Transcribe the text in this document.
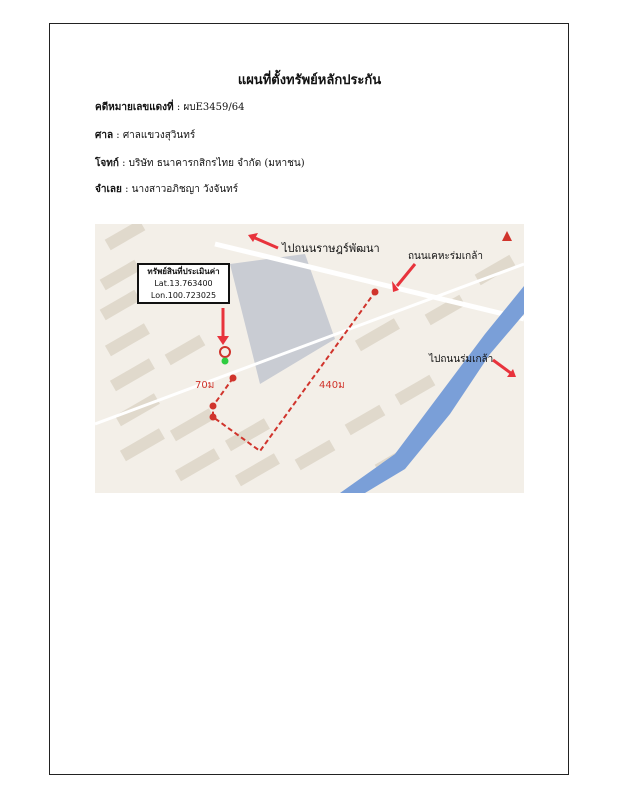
แผนที่ตั้งทรัพย์หลักประกัน
คดีหมายเลขแดงที่ : ผบE3459/64
ศาล : ศาลแขวงสุวินทร์
โจทก์ : บริษัท ธนาคารกสิกรไทย จำกัด (มหาชน)
จำเลย : นางสาวอภิชญา วังจันทร์
ไปถนนราษฎร์พัฒนา
ถนนเคหะร่มเกล้า
ไปถนนร่มเกล้า
70ม	440ม
ทรัพย์สินที่ประเมินค่า
Lat.13.763400
Lon.100.723025
